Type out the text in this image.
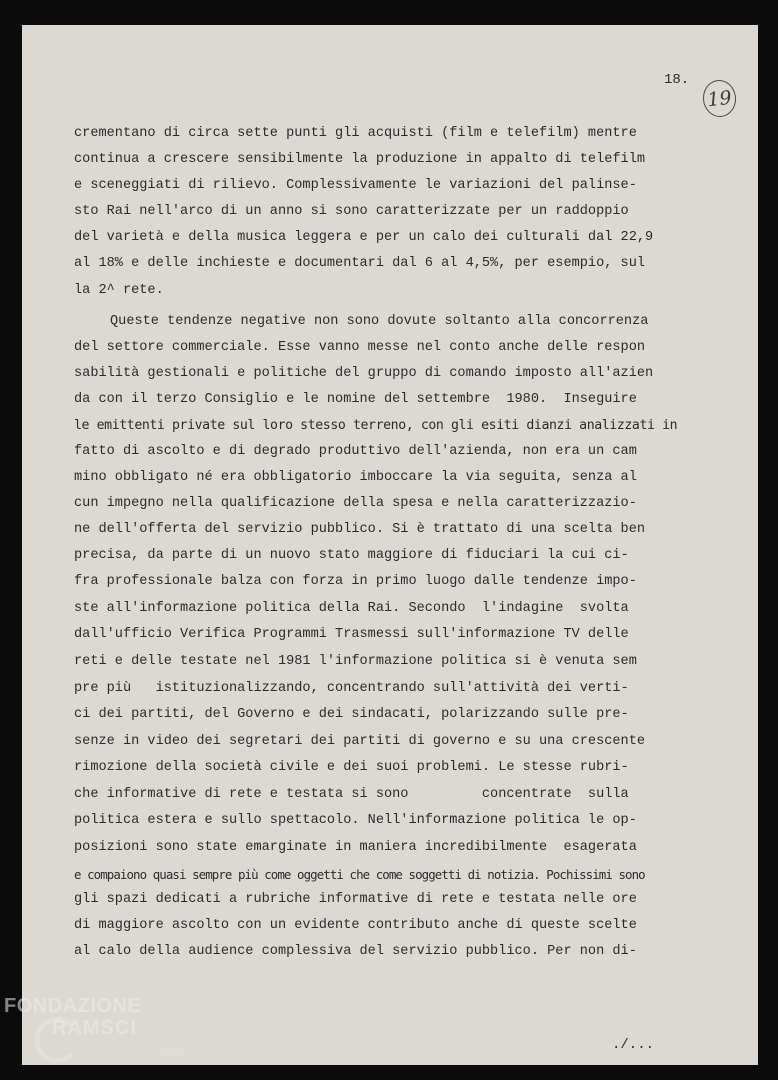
18.
19
crementano di circa sette punti gli acquisti (film e telefilm) mentre
continua a crescere sensibilmente la produzione in appalto di telefilm
e sceneggiati di rilievo. Complessivamente le variazioni del palinse-
sto Rai nell'arco di un anno si sono caratterizzate per un raddoppio
del varietà e della musica leggera e per un calo dei culturali dal 22,9
al 18% e delle inchieste e documentari dal 6 al 4,5%, per esempio, sul
la 2^ rete.
Queste tendenze negative non sono dovute soltanto alla concorrenza
del settore commerciale. Esse vanno messe nel conto anche delle respon
sabilità gestionali e politiche del gruppo di comando imposto all'azien
da con il terzo Consiglio e le nomine del settembre  1980.  Inseguire
le emittenti private sul loro stesso terreno, con gli esiti dianzi analizzati in
fatto di ascolto e di degrado produttivo dell'azienda, non era un cam
mino obbligato né era obbligatorio imboccare la via seguita, senza al
cun impegno nella qualificazione della spesa e nella caratterizzazio-
ne dell'offerta del servizio pubblico. Si è trattato di una scelta ben
precisa, da parte di un nuovo stato maggiore di fiduciari la cui ci-
fra professionale balza con forza in primo luogo dalle tendenze impo-
ste all'informazione politica della Rai. Secondo  l'indagine  svolta
dall'ufficio Verifica Programmi Trasmessi sull'informazione TV delle
reti e delle testate nel 1981 l'informazione politica si è venuta sem
pre più   istituzionalizzando, concentrando sull'attività dei verti-
ci dei partiti, del Governo e dei sindacati, polarizzando sulle pre-
senze in video dei segretari dei partiti di governo e su una crescente
rimozione della società civile e dei suoi problemi. Le stesse rubri-
che informative di rete e testata si sono         concentrate  sulla
politica estera e sullo spettacolo. Nell'informazione politica le op-
posizioni sono state emarginate in maniera incredibilmente  esagerata
e compaiono quasi sempre più come oggetti che come soggetti di notizia. Pochissimi sono
gli spazi dedicati a rubriche informative di rete e testata nelle ore
di maggiore ascolto con un evidente contributo anche di queste scelte
al calo della audience complessiva del servizio pubblico. Per non di-
./...
FONDAZIONE
RAMSCI
onlus
